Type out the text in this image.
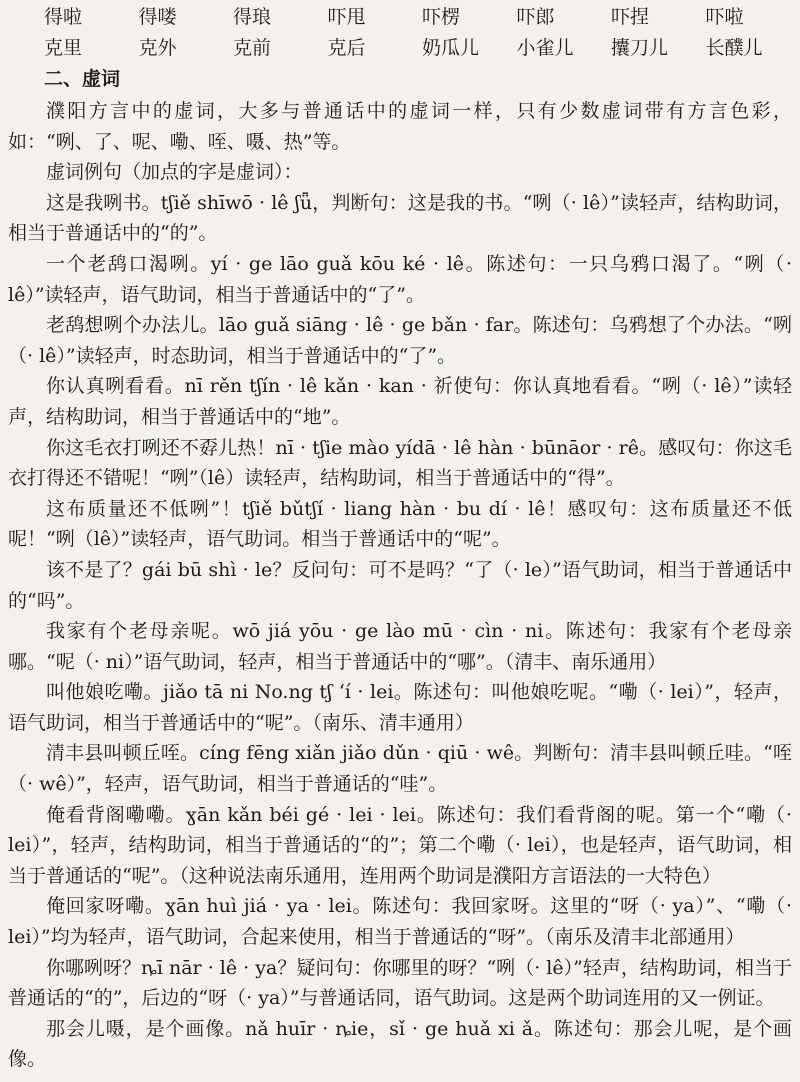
得啦	得喽	得琅	吓甩	吓楞	吓郎	吓捏	吓啦
克里	克外	克前	克后	奶瓜儿	小雀儿	攮刀儿	长醭儿
二、虚词

濮阳方言中的虚词，大多与普通话中的虚词一样，只有少数虚词带有方言色彩，如：“咧、了、呢、嘞、咥、嗫、热”等。

虚词例句（加点的字是虚词）：

这是我咧书。tʃiě shīwō · lê ʃǖ，判断句：这是我的书。“咧（· lê）”读轻声，结构助词，相当于普通话中的“的”。

一个老鸹口渴咧。yí · ge lāo guǎ kōu ké · lê。陈述句：一只乌鸦口渴了。“咧（· lê）”读轻声，语气助词，相当于普通话中的“了”。

老鸹想咧个办法儿。lāo guǎ siāng · lê · ge bǎn · far。陈述句：乌鸦想了个办法。“咧（· lê）”读轻声，时态助词，相当于普通话中的“了”。

你认真咧看看。nī rěn tʃín · lê kǎn · kan · 祈使句：你认真地看看。“咧（· lê）”读轻声，结构助词，相当于普通话中的“地”。

你这毛衣打咧还不孬儿热！nī · tʃie mào yídā · lê hàn · būnāor · rê。感叹句：你这毛衣打得还不错呢！“咧”（lê）读轻声，结构助词，相当于普通话中的“得”。

这布质量还不低咧”！tʃiě bǔtʃí · liang hàn · bu dí · lê！感叹句：这布质量还不低呢！“咧（lê）”读轻声，语气助词。相当于普通话中的“呢”。

该不是了？gái bū shì · le？反问句：可不是吗？“了（· le）”语气助词，相当于普通话中的“吗”。

我家有个老母亲呢。wō jiá yōu · ge lào mū · cìn · ni。陈述句：我家有个老母亲哪。“呢（· ni）”语气助词，轻声，相当于普通话中的“哪”。（清丰、南乐通用）

叫他娘吃嘞。jiǎo tā ni No.ng tʃ ʻí · lei。陈述句：叫他娘吃呢。“嘞（· lei）”，轻声，语气助词，相当于普通话中的“呢”。（南乐、清丰通用）

清丰县叫顿丘咥。cíng fēng xiǎn jiǎo dǔn · qiū · wê。判断句：清丰县叫顿丘哇。“咥（· wê）”，轻声，语气助词，相当于普通话的“哇”。

俺看背阁嘞嘞。ɣān kǎn béi gé · lei · lei。陈述句：我们看背阁的呢。第一个“嘞（· lei）”，轻声，结构助词，相当于普通话的“的”；第二个嘞（· lei），也是轻声，语气助词，相当于普通话的“呢”。（这种说法南乐通用，连用两个助词是濮阳方言语法的一大特色）

俺回家呀嘞。ɣān huì jiá · ya · lei。陈述句：我回家呀。这里的“呀（· ya）”、“嘞（· lei）”均为轻声，语气助词，合起来使用，相当于普通话的“呀”。（南乐及清丰北部通用）

你哪咧呀？ȵī nār · lê · ya？疑问句：你哪里的呀？“咧（· lê）”轻声，结构助词，相当于普通话的“的”，后边的“呀（· ya）”与普通话同，语气助词。这是两个助词连用的又一例证。

那会儿嗫，是个画像。nǎ huīr · ȵie，sǐ · ge huǎ xi ǎ。陈述句：那会儿呢，是个画像。
